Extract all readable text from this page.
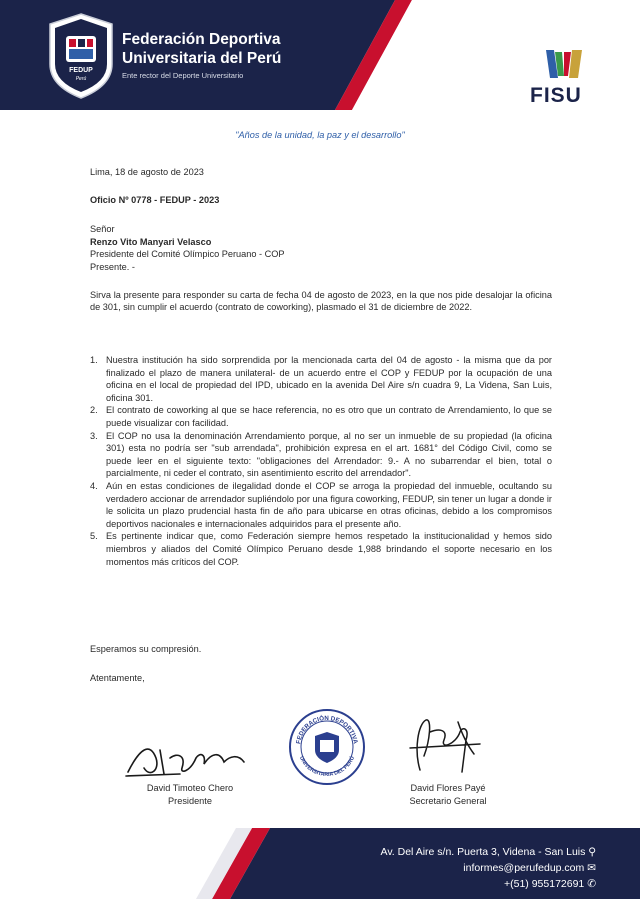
FEDUP
Perú
Federación Deportiva
Universitaria del Perú
Ente rector del Deporte Universitario
FISU
"Años de la unidad, la paz y el desarrollo"

Lima, 18 de agosto de 2023

Oficio Nº 0778 - FEDUP - 2023

Señor

Renzo Vito Manyari Velasco

Presidente del Comité Olímpico Peruano - COP

Presente. -

Sirva la presente para responder su carta de fecha 04 de agosto de 2023, en la que nos pide desalojar la oficina de 301, sin cumplir el acuerdo (contrato de coworking), plasmado el 31 de diciembre de 2022.

1. Nuestra institución ha sido sorprendida por la mencionada carta del 04 de agosto - la misma que da por finalizado el plazo de manera unilateral- de un acuerdo entre el COP y FEDUP por la ocupación de una oficina en el local de propiedad del IPD, ubicado en la avenida Del Aire s/n cuadra 9, La Videna, San Luis, oficina 301.
2. El contrato de coworking al que se hace referencia, no es otro que un contrato de Arrendamiento, lo que se puede visualizar con facilidad.
3. El COP no usa la denominación Arrendamiento porque, al no ser un inmueble de su propiedad (la oficina 301) esta no podría ser "sub arrendada", prohibición expresa en el art. 1681° del Código Civil, como se puede leer en el siguiente texto: "obligaciones del Arrendador: 9.- A no subarrendar el bien, total o parcialmente, ni ceder el contrato, sin asentimiento escrito del arrendador".
4. Aún en estas condiciones de ilegalidad donde el COP se arroga la propiedad del inmueble, ocultando su verdadero accionar de arrendador supliéndolo por una figura coworking, FEDUP, sin tener un lugar a donde ir le solicita un plazo prudencial hasta fin de año para ubicarse en otras oficinas, debido a los compromisos deportivos nacionales e internacionales adquiridos para el presente año.
5. Es pertinente indicar que, como Federación siempre hemos respetado la institucionalidad y hemos sido miembros y aliados del Comité Olímpico Peruano desde 1,988 brindando el soporte necesario en los momentos más críticos del COP.

Esperamos su compresión.

Atentamente,

David Timoteo Chero
Presidente
FEDERACIÓN DEPORTIVA
UNIVERSITARIA DEL PERÚ
David Flores Payé
Secretario General
Av. Del Aire s/n. Puerta 3, Videna - San Luis ⚲
informes@perufedup.com ✉
+(51) 955172691 ✆
